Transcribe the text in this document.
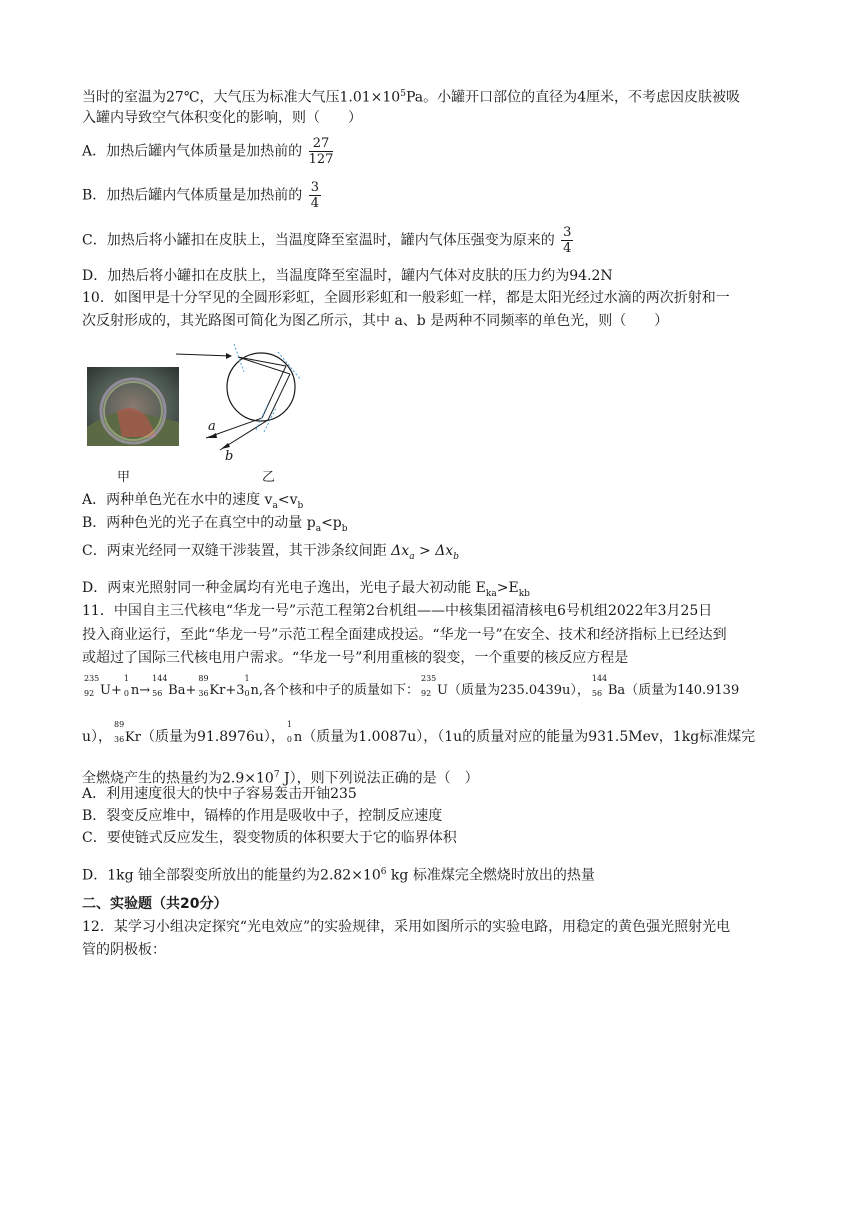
当时的室温为27℃，大气压为标准大气压$1.01\times 10^5Pa$。小罐开口部位的直径为4厘米，不考虑因皮肤被吸
入罐内导致空气体积变化的影响，则（　　）
A．加热后罐内气体质量是加热前的 $\frac{27}{127}$
B．加热后罐内气体质量是加热前的 $\frac{3}{4}$
C．加热后将小罐扣在皮肤上，当温度降至室温时，罐内气体压强变为原来的 $\frac{3}{4}$
D．加热后将小罐扣在皮肤上，当温度降至室温时，罐内气体对皮肤的压力约为94.2N
10．如图甲是十分罕见的全圆形彩虹，全圆形彩虹和一般彩虹一样，都是太阳光经过水滴的两次折射和一
次反射形成的，其光路图可简化为图乙所示，其中 a、b 是两种不同频率的单色光，则（　　）
a
b
甲	乙
A．两种单色光在水中的速度 $v_a<v_b$
B．两种色光的光子在真空中的动量 $p_a<p_b$
C．两束光经同一双缝干涉装置，其干涉条纹间距 $\Delta x_a > \Delta x_b$
D．两束光照射同一种金属均有光电子逸出，光电子最大初动能 $E_{ka}>E_{kb}$
11．中国自主三代核电“华龙一号”示范工程第2台机组——中核集团福清核电6号机组2022年3月25日
投入商业运行，至此“华龙一号”示范工程全面建成投运。“华龙一号”在安全、技术和经济指标上已经达到
或超过了国际三代核电用户需求。“华龙一号”利用重核的裂变，一个重要的核反应方程是
235
92 U+
1
0 n→
144
56 Ba+
89
36 Kr+3
1
0 n,各个核和中子的质量如下：
235
92 U（质量为235.0439u），
144
56 Ba（质量为140.9139
u），
89
36 Kr（质量为91.8976u），
1
0 n（质量为1.0087u），（1u的质量对应的能量为931.5Mev，1kg标准煤完
全燃烧产生的热量约为$2.9\times 10^7$ J），则下列说法正确的是（　）
A．利用速度很大的快中子容易轰击开铀235
B．裂变反应堆中，镉棒的作用是吸收中子，控制反应速度
C．要使链式反应发生，裂变物质的体积要大于它的临界体积
D．1kg 铀全部裂变所放出的能量约为$2.82\times 10^6$ kg 标准煤完全燃烧时放出的热量
二、实验题（共20分）
12．某学习小组决定探究“光电效应”的实验规律，采用如图所示的实验电路，用稳定的黄色强光照射光电
管的阴极板：
